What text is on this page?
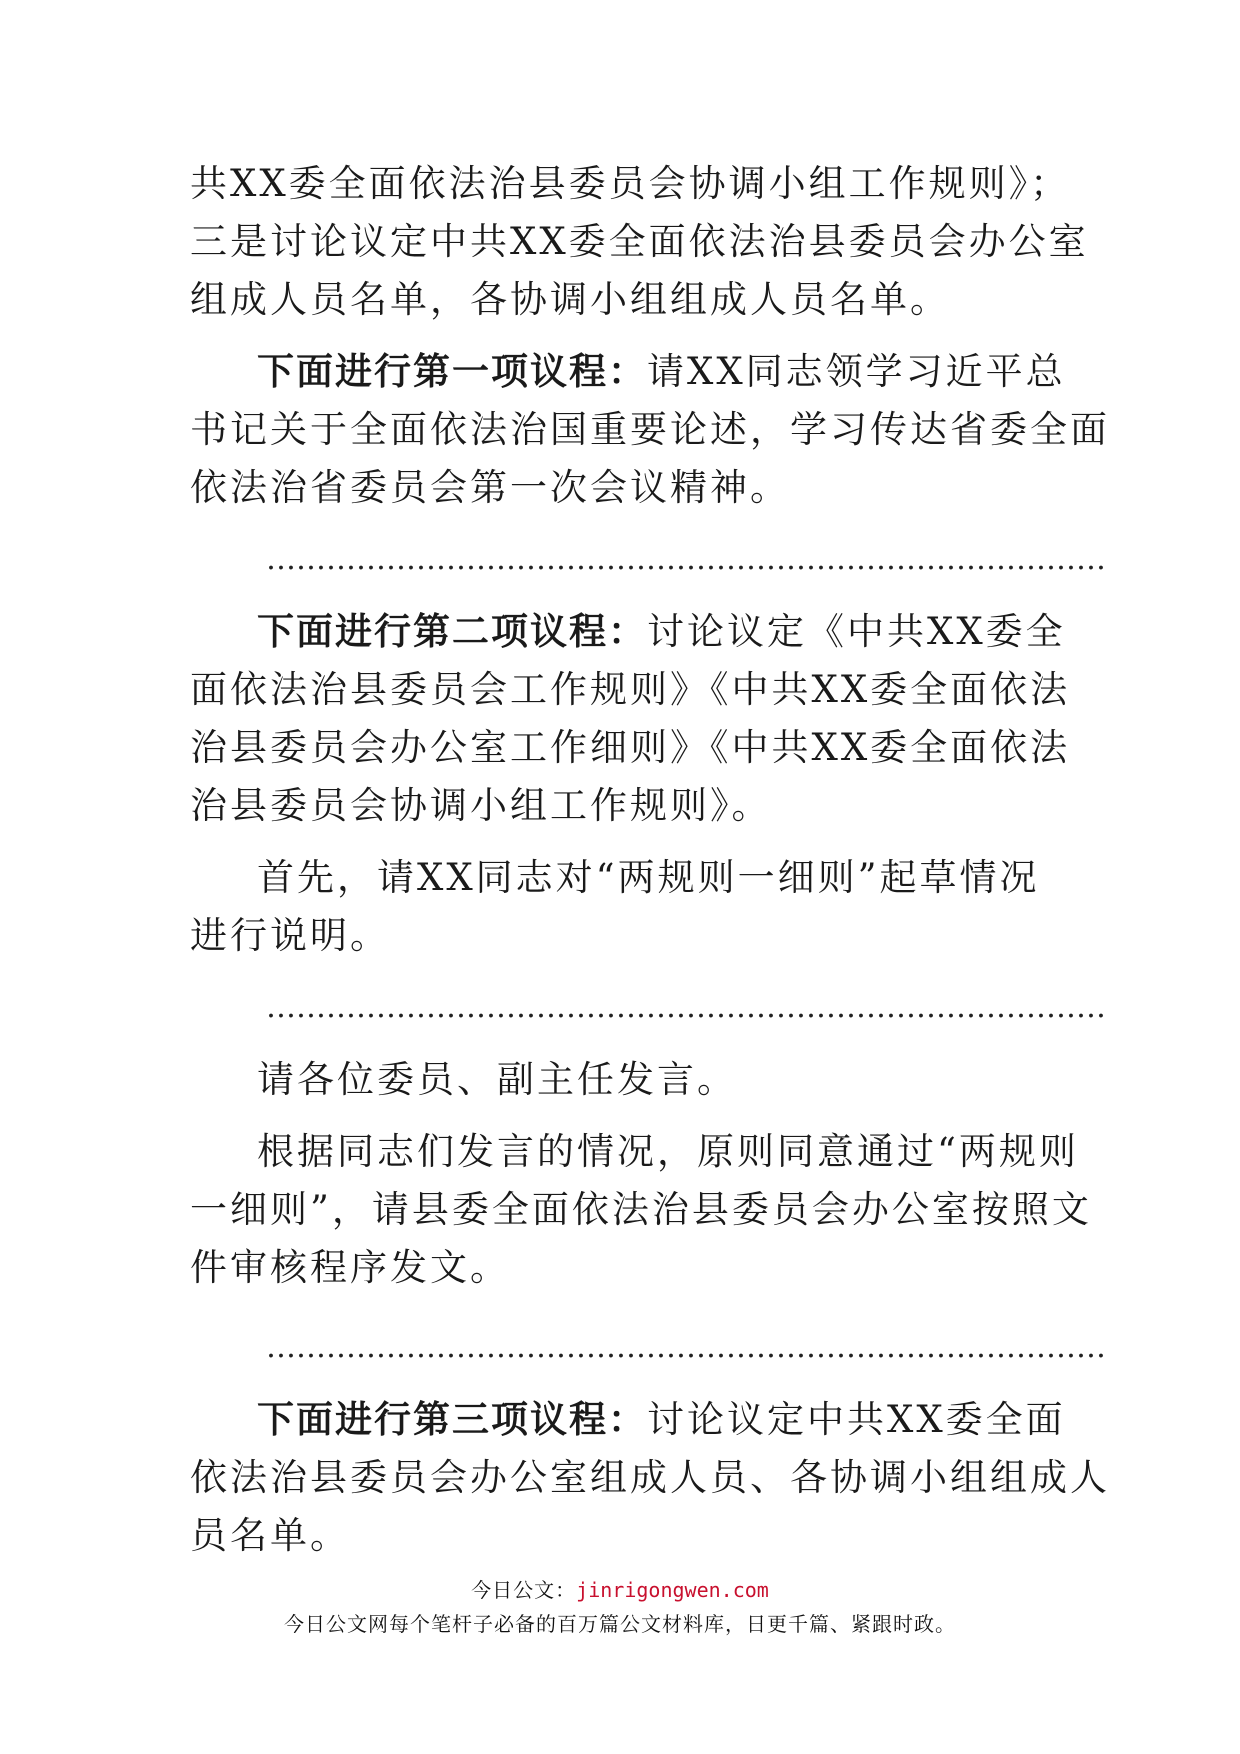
共XX委全面依法治县委员会协调小组工作规则》；
三是讨论议定中共XX委全面依法治县委员会办公室
组成人员名单，各协调小组组成人员名单。
下面进行第一项议程：请XX同志领学习近平总
书记关于全面依法治国重要论述，学习传达省委全面
依法治省委员会第一次会议精神。
…………………………………………………………………………
下面进行第二项议程：讨论议定《中共XX委全
面依法治县委员会工作规则》《中共XX委全面依法
治县委员会办公室工作细则》《中共XX委全面依法
治县委员会协调小组工作规则》。
首先，请XX同志对“两规则一细则”起草情况
进行说明。
…………………………………………………………………………
请各位委员、副主任发言。
根据同志们发言的情况，原则同意通过“两规则
一细则”，请县委全面依法治县委员会办公室按照文
件审核程序发文。
…………………………………………………………………………
下面进行第三项议程：讨论议定中共XX委全面
依法治县委员会办公室组成人员、各协调小组组成人
员名单。
今日公文：jinrigongwen.com
今日公文网每个笔杆子必备的百万篇公文材料库，日更千篇、紧跟时政。
